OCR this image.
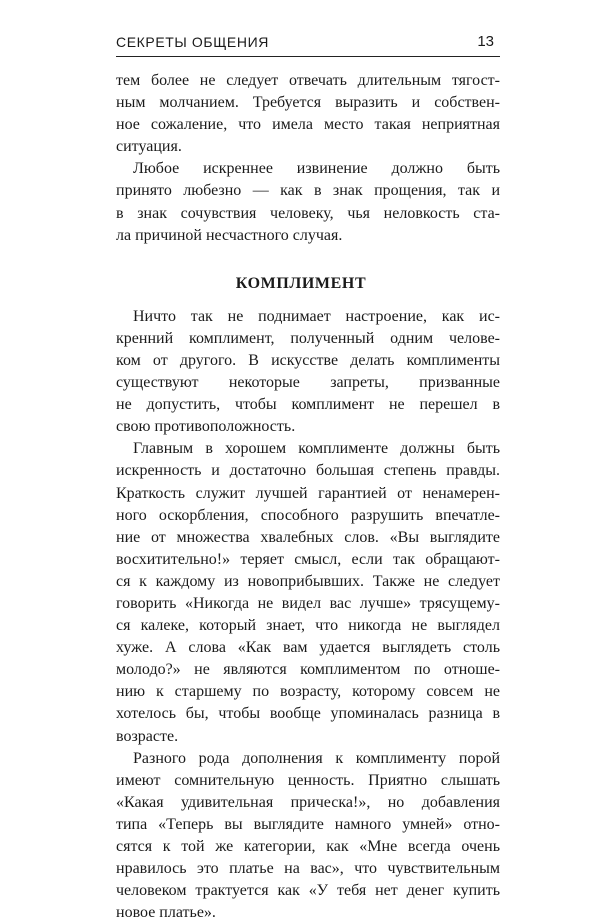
СЕКРЕТЫ ОБЩЕНИЯ	13

тем более не следует отвечать длительным тягост-
ным молчанием. Требуется выразить и собствен-
ное сожаление, что имела место такая неприятная
ситуация.

Любое искреннее извинение должно быть
принято любезно — как в знак прощения, так и
в знак сочувствия человеку, чья неловкость ста-
ла причиной несчастного случая.

КОМПЛИМЕНТ

Ничто так не поднимает настроение, как ис-
кренний комплимент, полученный одним челове-
ком от другого. В искусстве делать комплименты
существуют некоторые запреты, призванные
не допустить, чтобы комплимент не перешел в
свою противоположность.

Главным в хорошем комплименте должны быть
искренность и достаточно большая степень правды.
Краткость служит лучшей гарантией от ненамерен-
ного оскорбления, способного разрушить впечатле-
ние от множества хвалебных слов. «Вы выглядите
восхитительно!» теряет смысл, если так обращают-
ся к каждому из новоприбывших. Также не следует
говорить «Никогда не видел вас лучше» трясущему-
ся калеке, который знает, что никогда не выглядел
хуже. А слова «Как вам удается выглядеть столь
молодо?» не являются комплиментом по отноше-
нию к старшему по возрасту, которому совсем не
хотелось бы, чтобы вообще упоминалась разница в
возрасте.

Разного рода дополнения к комплименту порой
имеют сомнительную ценность. Приятно слышать
«Какая удивительная прическа!», но добавления
типа «Теперь вы выглядите намного умней» отно-
сятся к той же категории, как «Мне всегда очень
нравилось это платье на вас», что чувствительным
человеком трактуется как «У тебя нет денег купить
новое платье».
